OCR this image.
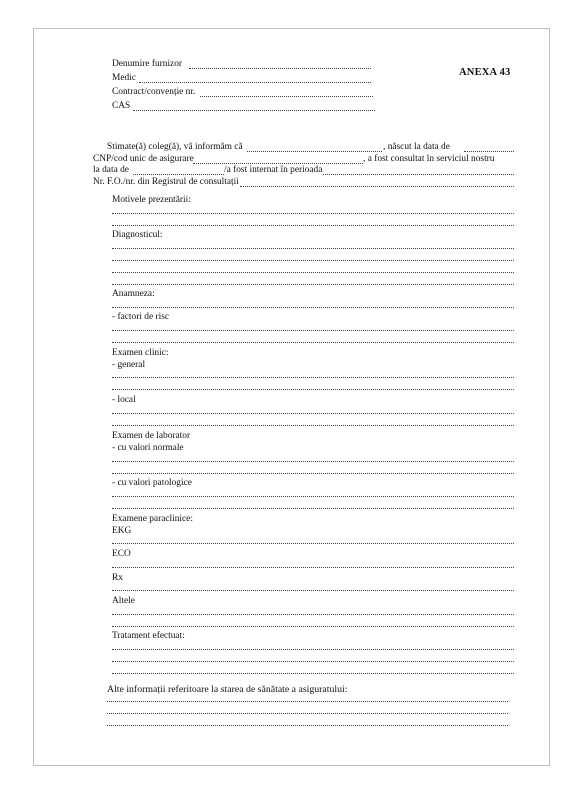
ANEXA 43
Denumire furnizor
Medic
Contract/convenție nr.
CAS
Stimate(ă) coleg(ă), vă informăm că	, născut la data de
CNP/cod unic de asigurare	, a fost consultat în serviciul nostru
la data de	/a fost internat în perioada
Nr. F.O./nr. din Registrul de consultații
Motivele prezentării:
Diagnosticul:
Anamneza:
- factori de risc
Examen clinic:
- general
- local
Examen de laborator
- cu valori normale
- cu valori patologice
Examene paraclinice:
EKG
ECO
Rx
Altele
Tratament efectuat:
Alte informații referitoare la starea de sănătate a asiguratului:
